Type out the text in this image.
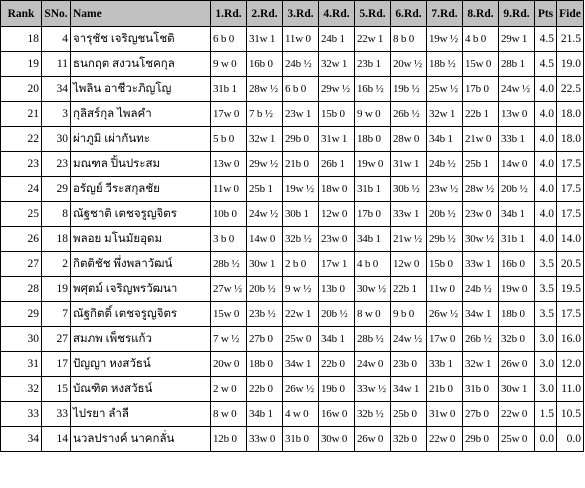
Rank	SNo.	Name	1.Rd.	2.Rd.	3.Rd.	4.Rd.	5.Rd.	6.Rd.	7.Rd.	8.Rd.	9.Rd.	Pts	Fide
18	4	จารุชัช เจริญชนโชติ	6 b 0	31w 1	11w 0	24b 1	22w 1	8 b 0	19w ½	4 b 0	29w 1	4.5	21.5
19	11	ธนกฤต สงวนโชคกุล	9 w 0	16b 0	24b ½	32w 1	23b 1	20w ½	18b ½	15w 0	28b 1	4.5	19.0
20	34	ไพลิน อาชีวะภิญโญ	31b 1	28w ½	6 b 0	29w ½	16b ½	19b ½	25w ½	17b 0	24w ½	4.0	22.5
21	3	กุลิสร์กุล ไพลคำ	17w 0	7 b ½	23w 1	15b 0	9 w 0	26b ½	32w 1	22b 1	13w 0	4.0	18.0
22	30	ผ่าภูมิ เผ่ากันทะ	5 b 0	32w 1	29b 0	31w 1	18b 0	28w 0	34b 1	21w 0	33b 1	4.0	18.0
23	23	มณฑล ปิ้นประสม	13w 0	29w ½	21b 0	26b 1	19w 0	31w 1	24b ½	25b 1	14w 0	4.0	17.5
24	29	อรัญย์ วีระสกุลชัย	11w 0	25b 1	19w ½	18w 0	31b 1	30b ½	23w ½	28w ½	20b ½	4.0	17.5
25	8	ณัฐชาติ เตชจรูญจิตร	10b 0	24w ½	30b 1	12w 0	17b 0	33w 1	20b ½	23w 0	34b 1	4.0	17.5
26	18	พลอย มโนมัยอุดม	3 b 0	14w 0	32b ½	23w 0	34b 1	21w ½	29b ½	30w ½	31b 1	4.0	14.0
27	2	กิตติชัช พึ่งพลาวัฒน์	28b ½	30w 1	2 b 0	17w 1	4 b 0	12w 0	15b 0	33w 1	16b 0	3.5	20.5
28	19	พศุตม์ เจริญพรวัฒนา	27w ½	20b ½	9 w ½	13b 0	30w ½	22b 1	11w 0	24b ½	19w 0	3.5	19.5
29	7	ณัฐกิตติ์ เตชจรูญจิตร	15w 0	23b ½	22w 1	20b ½	8 w 0	9 b 0	26w ½	34w 1	18b 0	3.5	17.5
30	27	สมภพ เพ็ชรแก้ว	7 w ½	27b 0	25w 0	34b 1	28b ½	24w ½	17w 0	26b ½	32b 0	3.0	16.0
31	17	ปัญญา หงสวัธน์	20w 0	18b 0	34w 1	22b 0	24w 0	23b 0	33b 1	32w 1	26w 0	3.0	12.0
32	15	บัณฑิต หงสวัธน์	2 w 0	22b 0	26w ½	19b 0	33w ½	34w 1	21b 0	31b 0	30w 1	3.0	11.0
33	33	ไปรยา ลำลี	8 w 0	34b 1	4 w 0	16w 0	32b ½	25b 0	31w 0	27b 0	22w 0	1.5	10.5
34	14	นวลปรางค์ นาคกลั่น	12b 0	33w 0	31b 0	30w 0	26w 0	32b 0	22w 0	29b 0	25w 0	0.0	0.0
